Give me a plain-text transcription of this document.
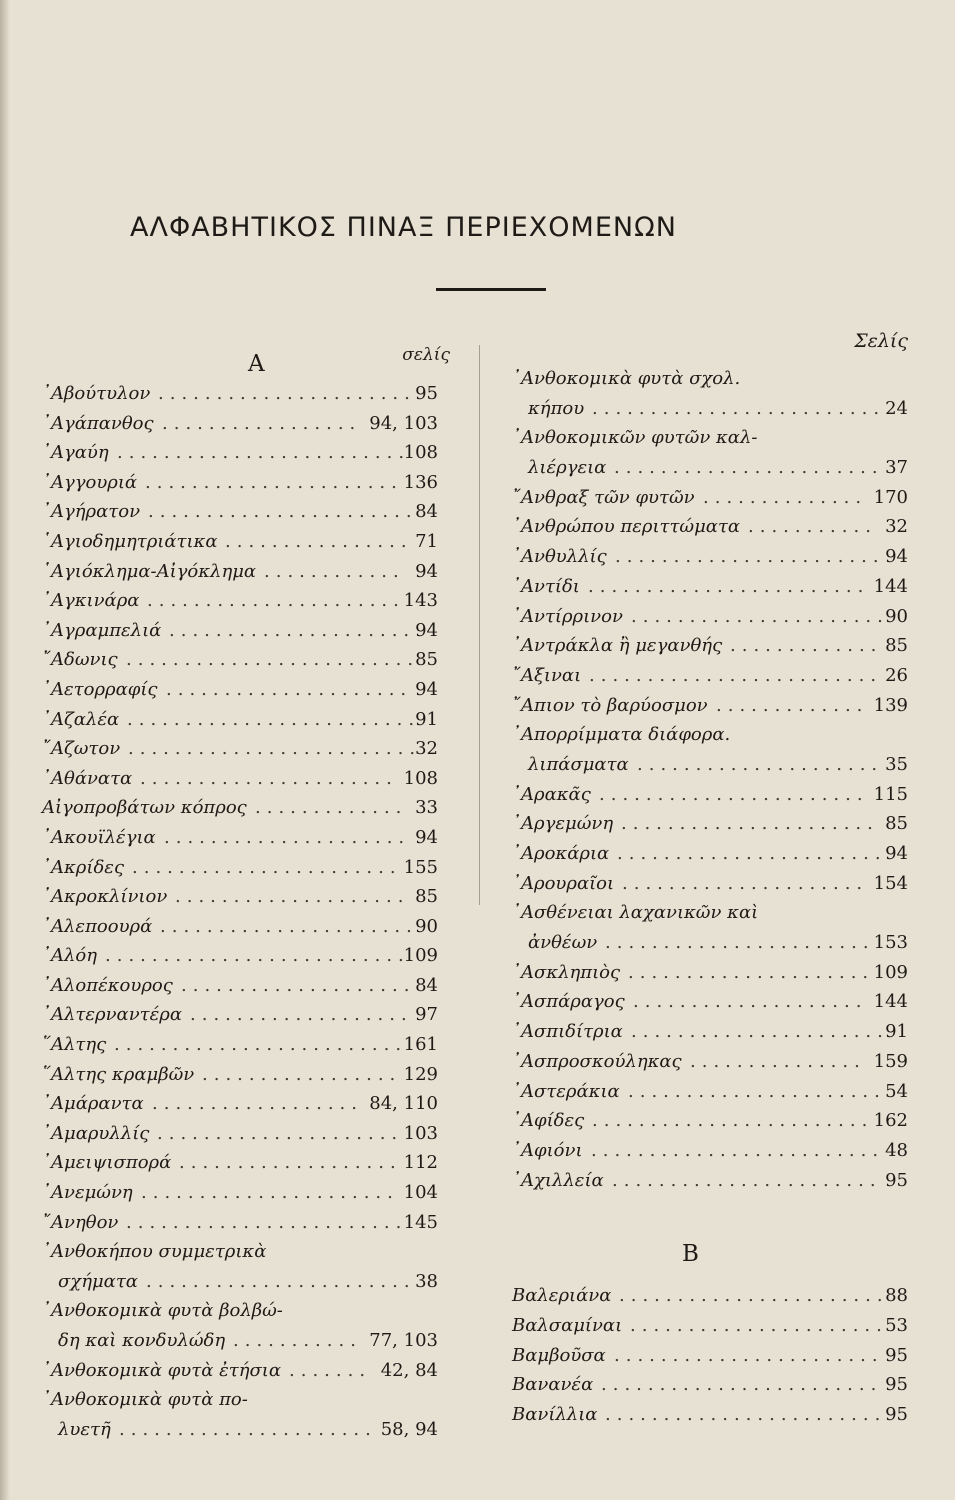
ΑΛΦΑΒΗΤΙΚΟΣ ΠΙΝΑΞ ΠΕΡΙΕΧΟΜΕΝΩΝ
A	σελίς
᾿Αβούτυλον ...................... 95
᾿Αγάπανθος ................. 94, 103
᾿Αγαύη .........................
108
᾿Αγγουριά ...................... 136
᾿Αγήρατον .......................
84
῾Αγιοδημητριάτικα ................ 71
῾Αγιόκλημα-Αἰγόκλημα ............ 94
᾿Αγκινάρα ......................
143
᾿Αγραμπελιά ..................... 94
῎Αδωνις .........................
85
᾿Αετορραφίς ..................... 94
᾿Αζαλέα .........................
91
῎Αζωτον .........................
32
᾿Αθάνατα ...................... 108
Αἰγοπροβάτων κόπρος ............. 33
᾿Ακουϊλέγια ..................... 94
᾿Ακρίδες ....................... 155
᾿Ακροκλίνιον .................... 85
᾿Αλεποουρά ......................
90
᾿Αλόη ..........................
109
᾿Αλοπέκουρος .................... 84
᾿Αλτερναντέρα ................... 97
῞Αλτης .........................
161
῞Αλτης κραμβῶν ................. 129
᾿Αμάραντα .................. 84, 110
᾿Αμαρυλλίς ..................... 103
᾿Αμειψισπορά ................... 112
᾿Ανεμώνη ...................... 104
῎Ανηθον ........................
145
᾿Ανθοκήπου συμμετρικὰ
σχήματα ....................... 38
᾿Ανθοκομικὰ φυτὰ βολβώ-
δη καὶ κονδυλώδη ........... 77, 103
᾿Ανθοκομικὰ φυτὰ ἐτήσια ....... 42, 84
᾿Ανθοκομικὰ φυτὰ πο-
λυετῆ ...................... 58, 94
Σελίς
᾿Ανθοκομικὰ φυτὰ σχολ.
κήπου ......................... 24
᾿Ανθοκομικῶν φυτῶν καλ-
λιέργεια ....................... 37
῎Ανθραξ τῶν φυτῶν .............. 170
᾿Ανθρώπου περιττώματα ........... 32
᾿Ανθυλλίς ....................... 94
᾿Αντίδι ........................ 144
᾿Αντίρρινον ......................
90
᾿Αντράκλα ἢ μεγανθής ............. 85
῎Αξιναι ......................... 26
῎Απιον τὸ βαρύοσμον ............. 139
᾿Απορρίμματα διάφορα.
λιπάσματα ..................... 35
᾿Αρακᾶς ....................... 115
᾿Αργεμώνη ...................... 85
᾿Αροκάρια .......................
94
᾿Αρουραῖοι ..................... 154
᾿Ασθένειαι λαχανικῶν καὶ
ἀνθέων ....................... 153
᾿Ασκληπιὸς ..................... 109
᾿Ασπάραγος .................... 144
᾿Ασπιδίτρια ......................
91
᾿Ασπροσκούληκας ............... 159
᾿Αστεράκια ...................... 54
᾿Αφίδες ........................ 162
᾿Αφιόνι ......................... 48
᾿Αχιλλεία ....................... 95
B
Βαλεριάνα .......................
88
Βαλσαμίναι ......................
53
Βαμβοῦσα ....................... 95
Βανανέα ........................ 95
Βανίλλια ........................
95
